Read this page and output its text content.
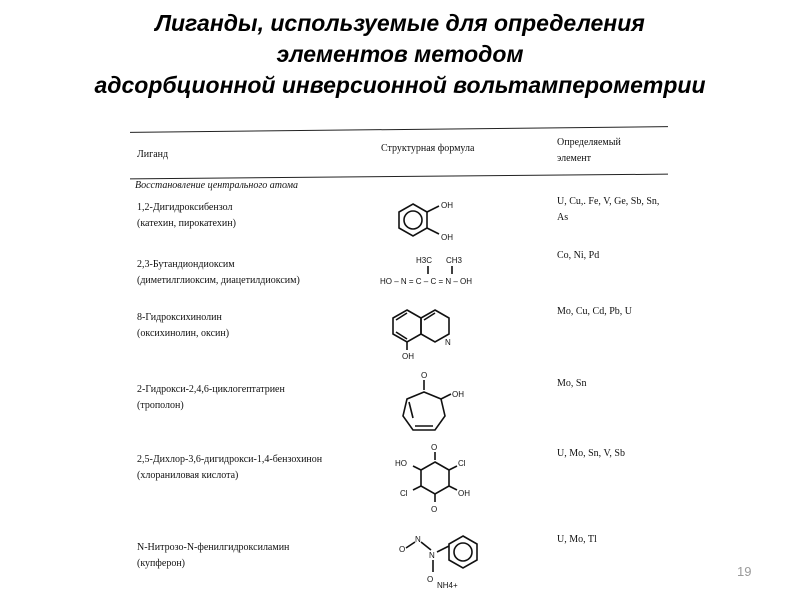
Лиганды, используемые для определения
элементов методом
адсорбционной инверсионной вольтамперометрии
Лиганд
Структурная формула
Определяемый
элемент
Восстановление центрального атома
1,2-Дигидроксибензол
(катехин, пирокатехин)
U, Cu,. Fe, V, Ge, Sb, Sn, As
OH
OH
2,3-Бутандиондиоксим
(диметилглиоксим, диацетилдиоксим)
Co, Ni, Pd
H3C CH3
HO – N = C – C = N – OH
8-Гидроксихинолин
(оксихинолин, оксин)
Mo, Cu, Cd, Pb, U
OH
N
2-Гидрокси-2,4,6-циклогептатриен
(трополон)
Mo, Sn
O
OH
2,5-Дихлор-3,6-дигидрокси-1,4-бензохинон
(хлораниловая кислота)
U, Mo, Sn, V, Sb
O
O
HO	Cl
Cl	OH
N-Нитрозо-N-фенилгидроксиламин
(купферон)
U, Mo, Tl
O
N
N
O
NH4+
19
